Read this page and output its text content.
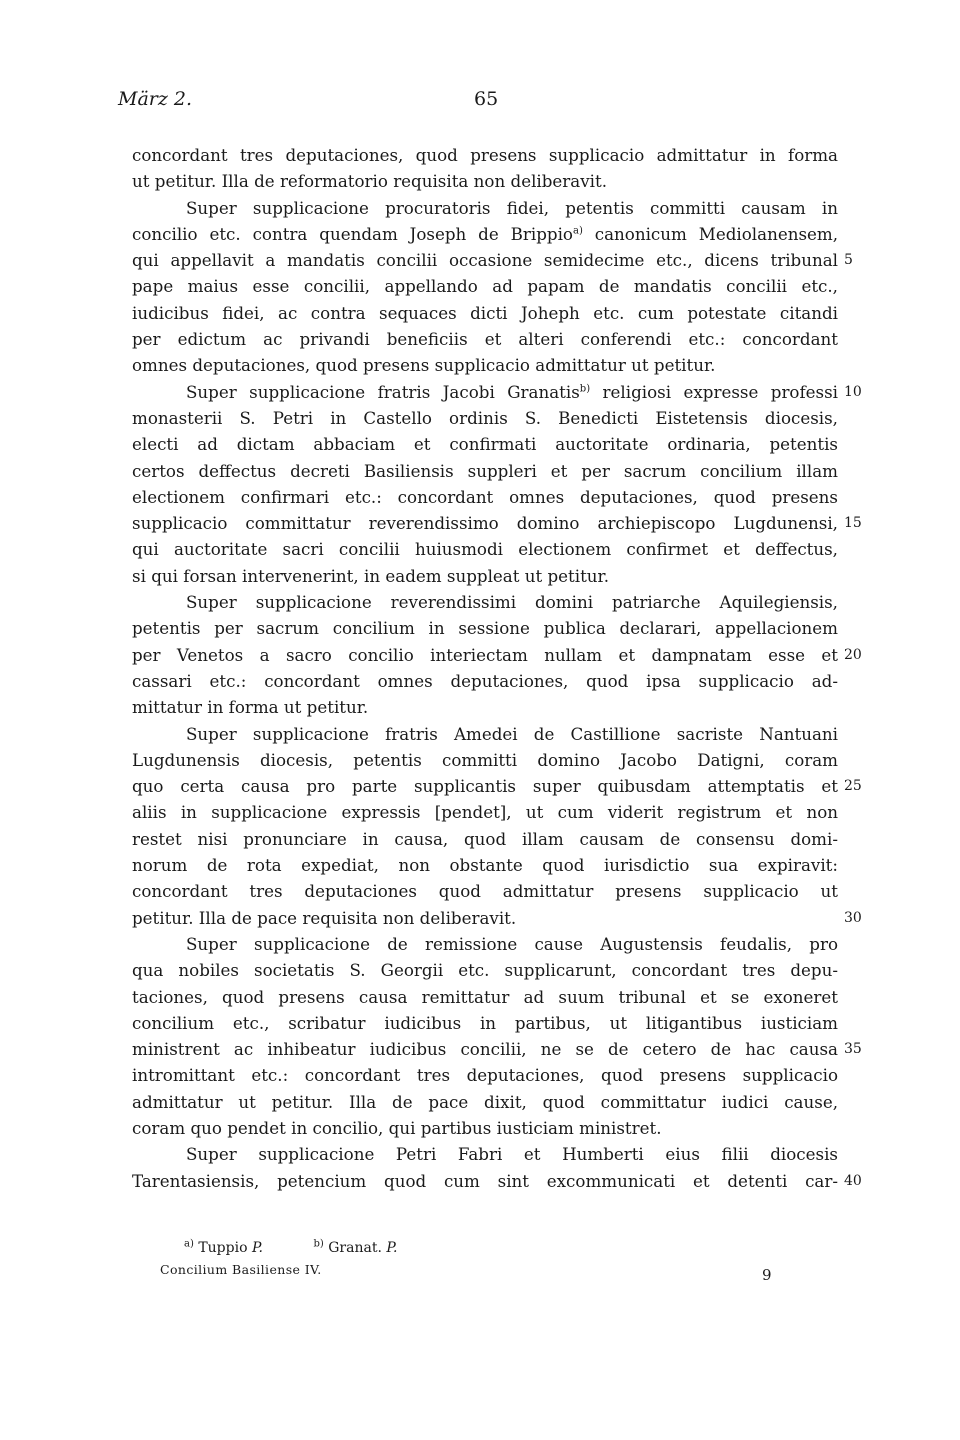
März 2.	65
concordant tres deputaciones, quod presens supplicacio admittatur in forma
ut petitur. Illa de reformatorio requisita non deliberavit.
Super supplicacione procuratoris fidei, petentis committi causam in
concilio etc. contra quendam Joseph de Brippio$^{a)}$ canonicum Mediolanensem,
qui appellavit a mandatis concilii occasione semidecime etc., dicens tribunal 5
pape maius esse concilii, appellando ad papam de mandatis concilii etc.,
iudicibus fidei, ac contra sequaces dicti Joheph etc. cum potestate citandi
per edictum ac privandi beneficiis et alteri conferendi etc.: concordant
omnes deputaciones, quod presens supplicacio admittatur ut petitur.
Super supplicacione fratris Jacobi Granatis$^{b)}$ religiosi expresse professi 10
monasterii S. Petri in Castello ordinis S. Benedicti Eistetensis diocesis,
electi ad dictam abbaciam et confirmati auctoritate ordinaria, petentis
certos deffectus decreti Basiliensis suppleri et per sacrum concilium illam
electionem confirmari etc.: concordant omnes deputaciones, quod presens
supplicacio committatur reverendissimo domino archiepiscopo Lugdunensi, 15
qui auctoritate sacri concilii huiusmodi electionem confirmet et deffectus,
si qui forsan intervenerint, in eadem suppleat ut petitur.
Super supplicacione reverendissimi domini patriarche Aquilegiensis,
petentis per sacrum concilium in sessione publica declarari, appellacionem
per Venetos a sacro concilio interiectam nullam et dampnatam esse et 20
cassari etc.: concordant omnes deputaciones, quod ipsa supplicacio ad-
mittatur in forma ut petitur.
Super supplicacione fratris Amedei de Castillione sacriste Nantuani
Lugdunensis diocesis, petentis committi domino Jacobo Datigni, coram
quo certa causa pro parte supplicantis super quibusdam attemptatis et 25
aliis in supplicacione expressis [pendet], ut cum viderit registrum et non
restet nisi pronunciare in causa, quod illam causam de consensu domi-
norum de rota expediat, non obstante quod iurisdictio sua expiravit:
concordant tres deputaciones quod admittatur presens supplicacio ut
petitur. Illa de pace requisita non deliberavit.	30
Super supplicacione de remissione cause Augustensis feudalis, pro
qua nobiles societatis S. Georgii etc. supplicarunt, concordant tres depu-
taciones, quod presens causa remittatur ad suum tribunal et se exoneret
concilium etc., scribatur iudicibus in partibus, ut litigantibus iusticiam
ministrent ac inhibeatur iudicibus concilii, ne se de cetero de hac causa 35
intromittant etc.: concordant tres deputaciones, quod presens supplicacio
admittatur ut petitur. Illa de pace dixit, quod committatur iudici cause,
coram quo pendet in concilio, qui partibus iusticiam ministret.
Super supplicacione Petri Fabri et Humberti eius filii diocesis
Tarentasiensis, petencium quod cum sint excommunicati et detenti car- 40
$^{a)}$ Tuppio P.	$^{b)}$ Granat. P.
Concilium Basiliense IV.	9
